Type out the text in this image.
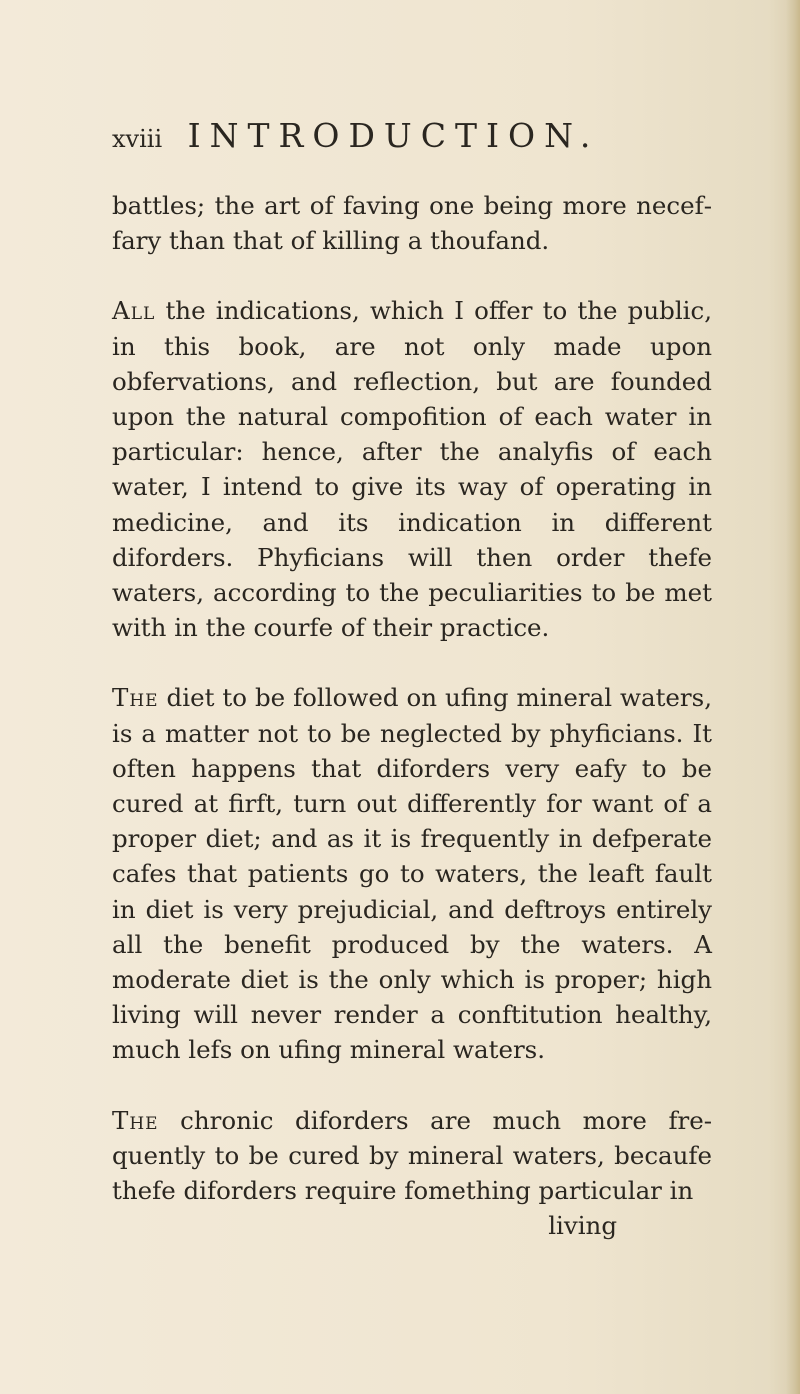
xviii INTRODUCTION.

battles; the art of faving one being more neceffary than that of killing a thoufand.

All the indications, which I offer to the public, in this book, are not only made upon obfervations, and reflection, but are founded upon the natural compofition of each water in particular: hence, after the analyfis of each water, I intend to give its way of operating in medicine, and its indication in different diforders. Phyficians will then order thefe waters, according to the peculiarities to be met with in the courfe of their practice.

The diet to be followed on ufing mineral waters, is a matter not to be neglected by phyficians. It often happens that diforders very eafy to be cured at firft, turn out differently for want of a proper diet; and as it is frequently in defperate cafes that patients go to waters, the leaft fault in diet is very prejudicial, and deftroys entirely all the benefit produced by the waters. A moderate diet is the only which is proper; high living will never render a conftitution healthy, much lefs on ufing mineral waters.

The chronic diforders are much more frequently to be cured by mineral waters, becaufe thefe diforders require fomething particular in

living
